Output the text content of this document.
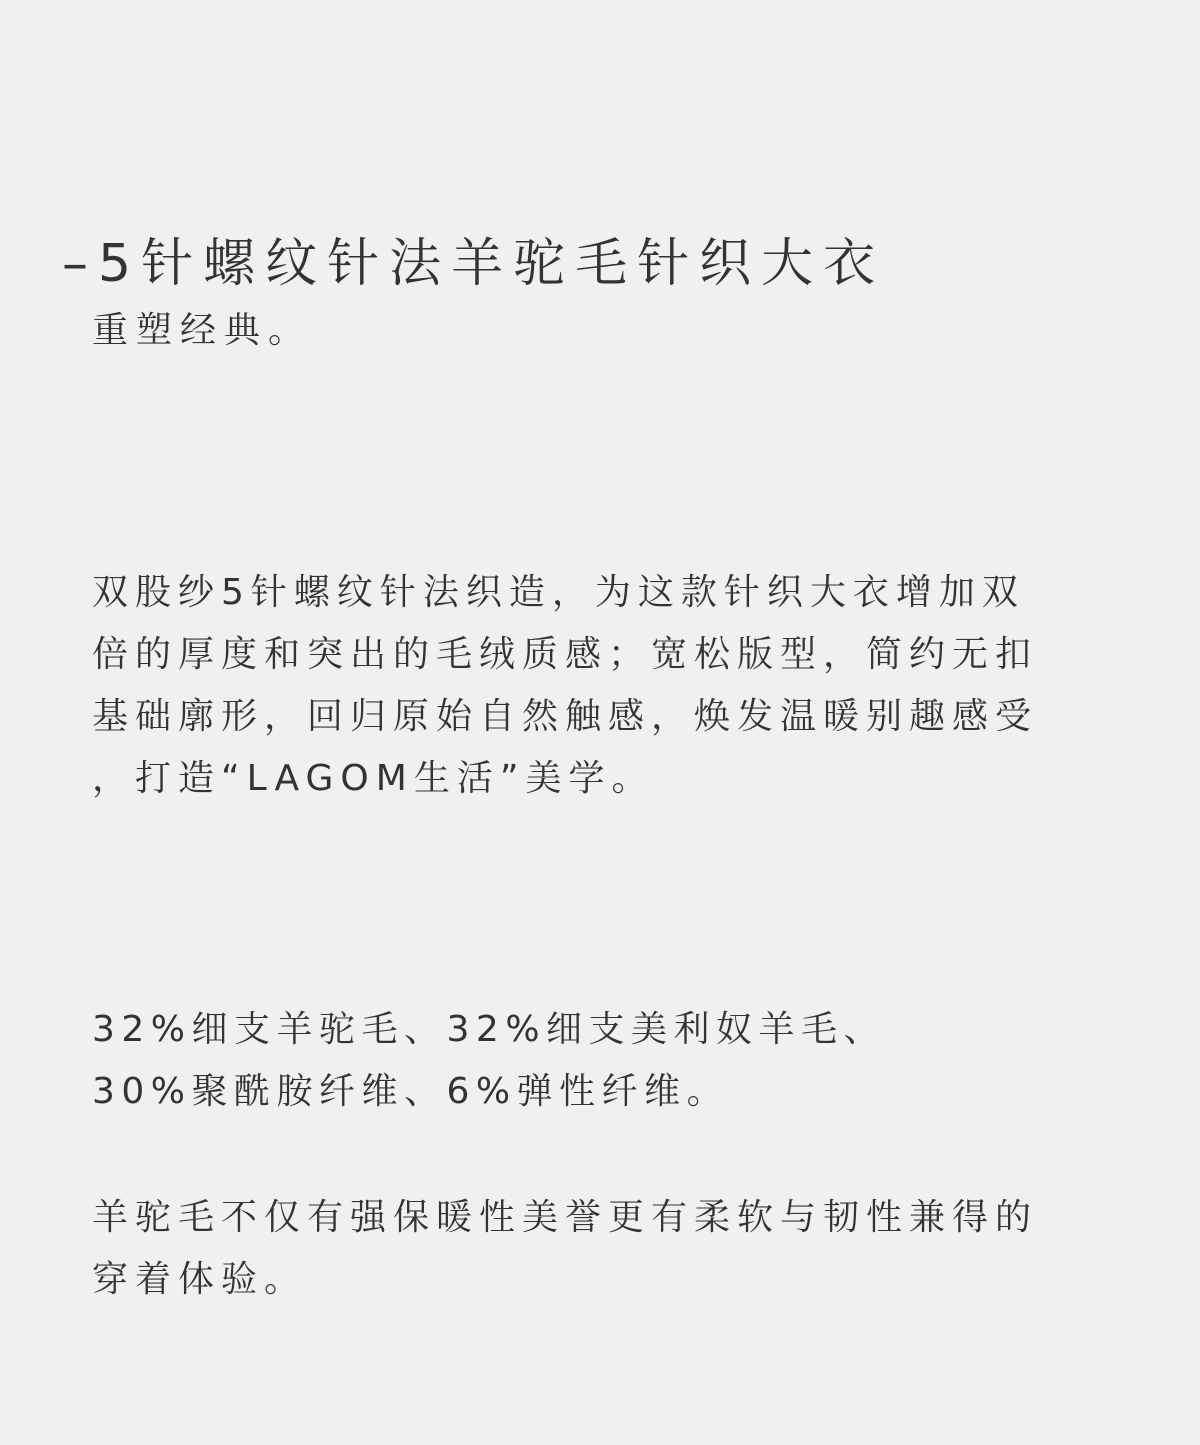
–5针螺纹针法羊驼毛针织大衣
重塑经典。

双股纱5针螺纹针法织造，为这款针织大衣增加双
倍的厚度和突出的毛绒质感；宽松版型，简约无扣
基础廓形，回归原始自然触感，焕发温暖别趣感受
，打造“LAGOM生活”美学。

32%细支羊驼毛、32%细支美利奴羊毛、
30%聚酰胺纤维、6%弹性纤维。

羊驼毛不仅有强保暖性美誉更有柔软与韧性兼得的
穿着体验。
